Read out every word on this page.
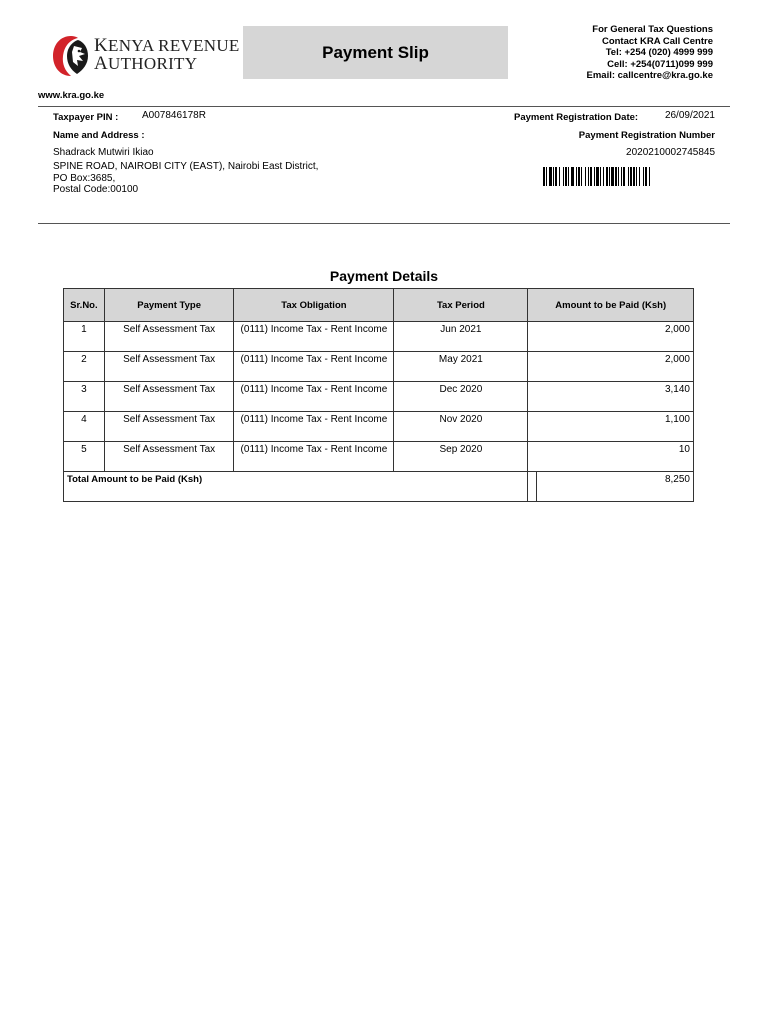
KENYA REVENUE
AUTHORITY
Payment Slip
For General Tax Questions
Contact KRA Call Centre
Tel: +254 (020) 4999 999
Cell: +254(0711)099 999
Email: callcentre@kra.go.ke
www.kra.go.ke
Taxpayer PIN : A007846178R
Name and Address :
Shadrack Mutwiri Ikiao
SPINE ROAD, NAIROBI CITY (EAST), Nairobi East District,
PO Box:3685,
Postal Code:00100
Payment Registration Date:	26/09/2021
Payment Registration Number
2020210002745845
Payment Details
Sr.No.	Payment Type	Tax Obligation	Tax Period	Amount to be Paid (Ksh)	
1	Self Assessment Tax	(0111) Income Tax - Rent Income	Jun 2021	2,000	
2	Self Assessment Tax	(0111) Income Tax - Rent Income	May 2021	2,000	
3	Self Assessment Tax	(0111) Income Tax - Rent Income	Dec 2020	3,140	
4	Self Assessment Tax	(0111) Income Tax - Rent Income	Nov 2020	1,100	
5	Self Assessment Tax	(0111) Income Tax - Rent Income	Sep 2020	10	
Total Amount to be Paid (Ksh)					8,250
